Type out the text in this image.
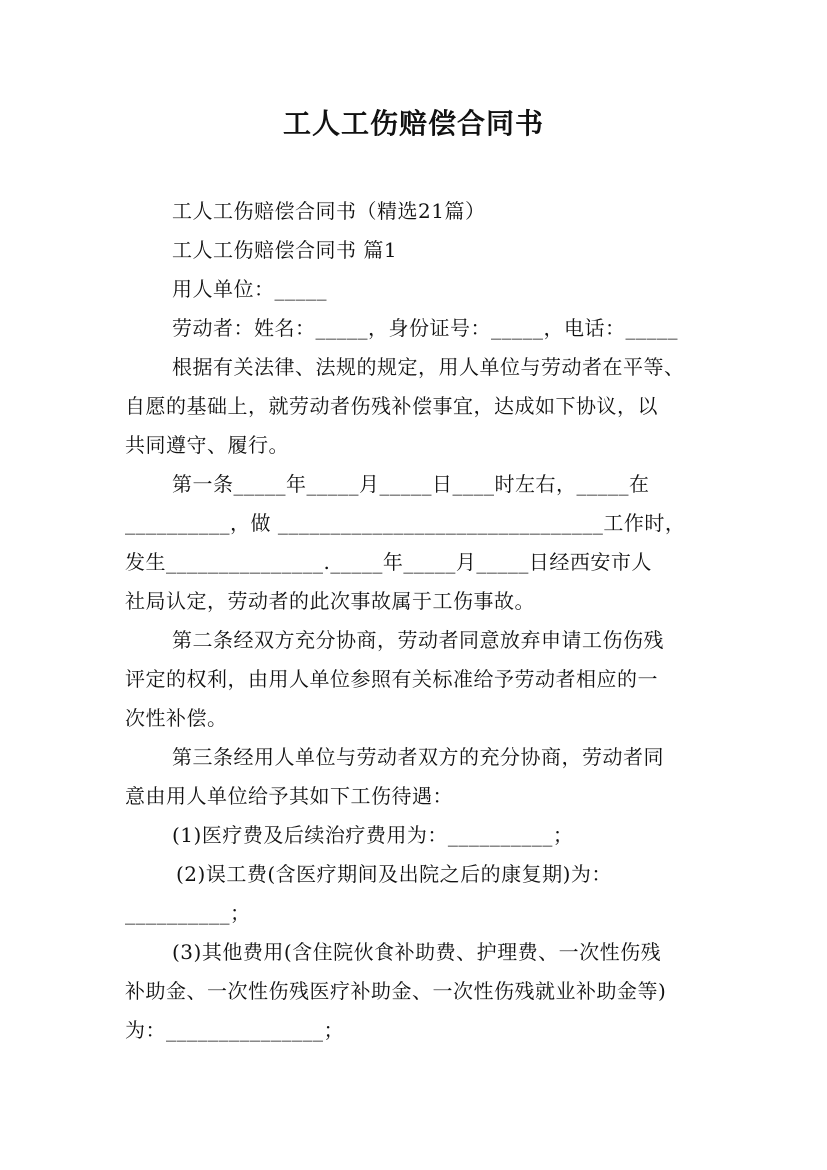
工人工伤赔偿合同书
工人工伤赔偿合同书（精选21篇）
工人工伤赔偿合同书 篇1
用人单位：_____
劳动者：姓名：_____，身份证号：_____，电话：_____
根据有关法律、法规的规定，用人单位与劳动者在平等、
自愿的基础上，就劳动者伤残补偿事宜，达成如下协议，以
共同遵守、履行。
第一条_____年_____月_____日____时左右，_____在
__________，做 _______________________________工作时，
发生_______________._____年_____月_____日经西安市人
社局认定，劳动者的此次事故属于工伤事故。
第二条经双方充分协商，劳动者同意放弃申请工伤伤残
评定的权利，由用人单位参照有关标准给予劳动者相应的一
次性补偿。
第三条经用人单位与劳动者双方的充分协商，劳动者同
意由用人单位给予其如下工伤待遇：
(1)医疗费及后续治疗费用为：__________；
(2)误工费(含医疗期间及出院之后的康复期)为：
__________；
(3)其他费用(含住院伙食补助费、护理费、一次性伤残
补助金、一次性伤残医疗补助金、一次性伤残就业补助金等)
为：_______________；
